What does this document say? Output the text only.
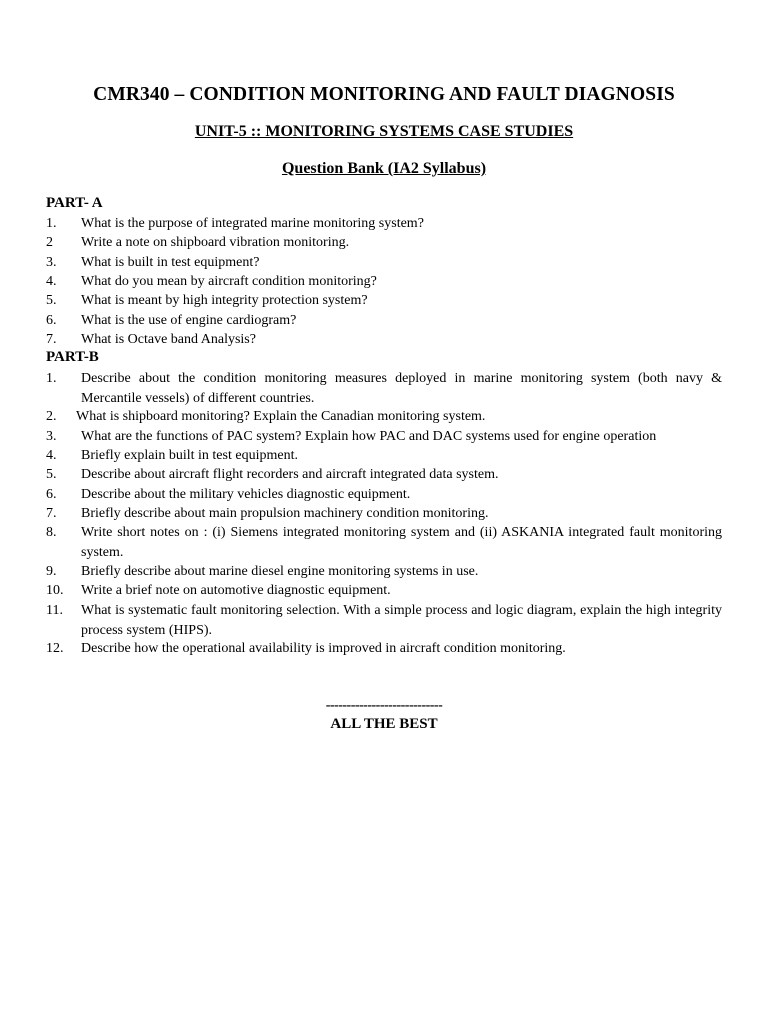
CMR340 – CONDITION MONITORING AND FAULT DIAGNOSIS
UNIT-5 :: MONITORING SYSTEMS CASE STUDIES
Question Bank (IA2 Syllabus)
PART- A
1. What is the purpose of integrated marine monitoring system?
2 Write a note on shipboard vibration monitoring.
3. What is built in test equipment?
4. What do you mean by aircraft condition monitoring?
5. What is meant by high integrity protection system?
6. What is the use of engine cardiogram?
7. What is Octave band Analysis?
PART-B
1. Describe about the condition monitoring measures deployed in marine monitoring system (both navy & Mercantile vessels) of different countries.
2. What is shipboard monitoring? Explain the Canadian monitoring system.
3. What are the functions of PAC system? Explain how PAC and DAC systems used for engine operation
4. Briefly explain built in test equipment.
5. Describe about aircraft flight recorders and aircraft integrated data system.
6. Describe about the military vehicles diagnostic equipment.
7. Briefly describe about main propulsion machinery condition monitoring.
8. Write short notes on : (i) Siemens integrated monitoring system and (ii) ASKANIA integrated fault monitoring system.
9. Briefly describe about marine diesel engine monitoring systems in use.
10. Write a brief note on automotive diagnostic equipment.
11. What is systematic fault monitoring selection. With a simple process and logic diagram, explain the high integrity process system (HIPS).
12. Describe how the operational availability is improved in aircraft condition monitoring.
----------------------------
ALL THE BEST
